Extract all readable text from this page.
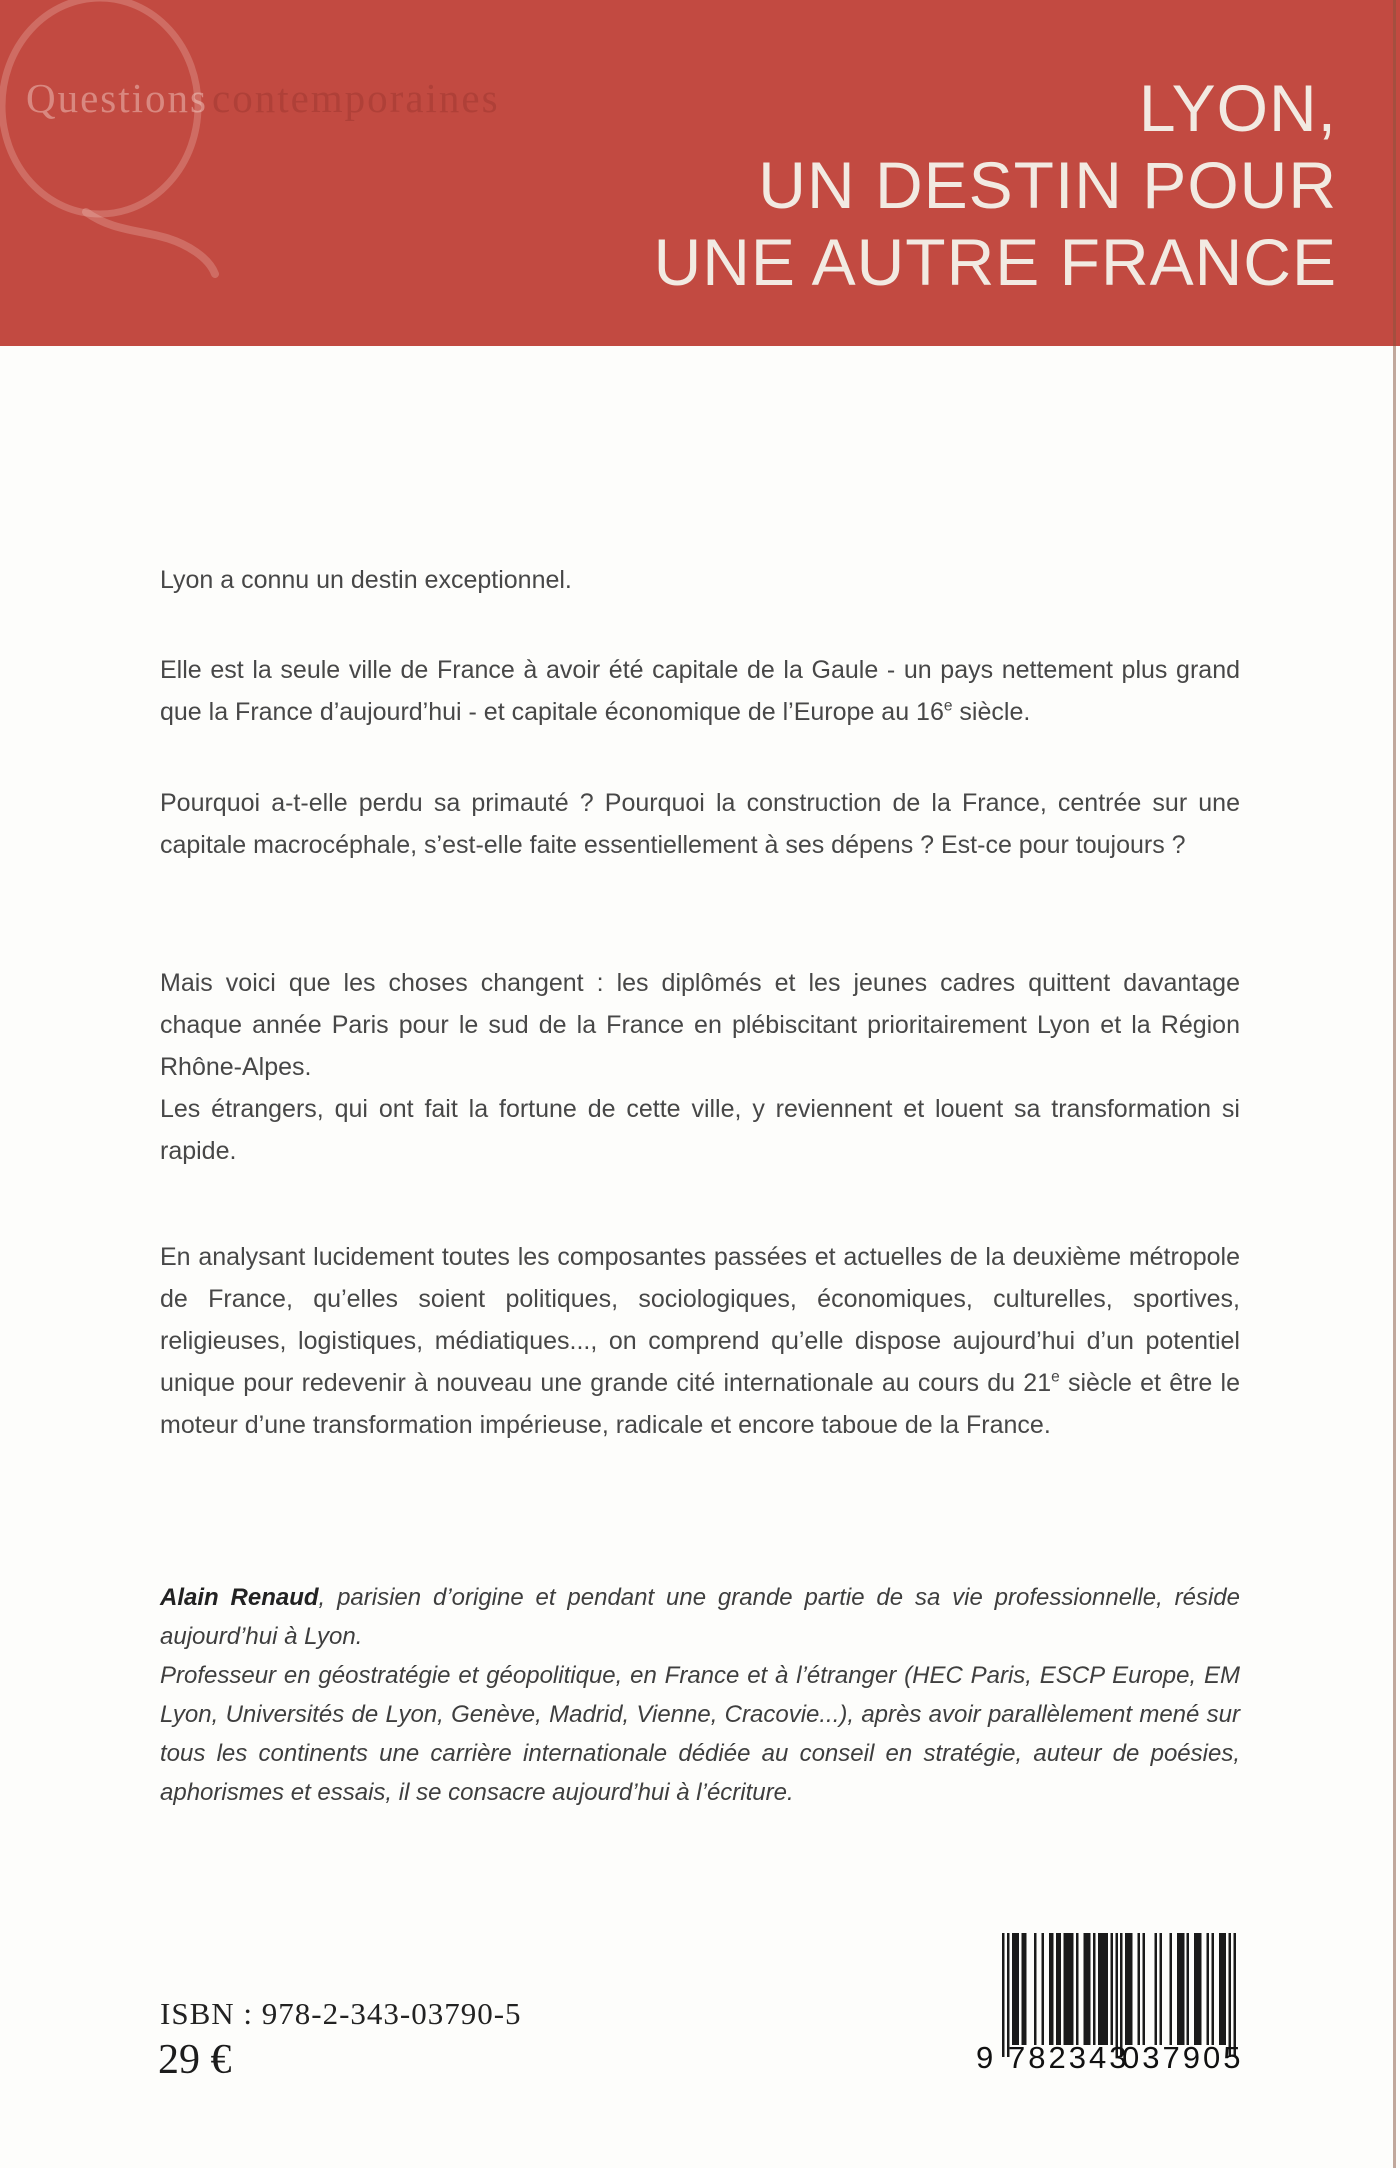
Questions contemporaines	LYON,
UN DESTIN POUR
UNE AUTRE FRANCE

Lyon a connu un destin exceptionnel.

Elle est la seule ville de France à avoir été capitale de la Gaule - un pays nettement plus grand que la France d’aujourd’hui - et capitale économique de l’Europe au 16e siècle.

Pourquoi a-t-elle perdu sa primauté ? Pourquoi la construction de la France, centrée sur une capitale macrocéphale, s’est-elle faite essentiellement à ses dépens ? Est-ce pour toujours ?

Mais voici que les choses changent : les diplômés et les jeunes cadres quittent davantage chaque année Paris pour le sud de la France en plébiscitant prioritairement Lyon et la Région Rhône-Alpes.

Les étrangers, qui ont fait la fortune de cette ville, y reviennent et louent sa transformation si rapide.

En analysant lucidement toutes les composantes passées et actuelles de la deuxième métropole de France, qu’elles soient politiques, sociologiques, économiques, culturelles, sportives, religieuses, logistiques, médiatiques..., on comprend qu’elle dispose aujourd’hui d’un potentiel unique pour redevenir à nouveau une grande cité internationale au cours du 21e siècle et être le moteur d’une transformation impérieuse, radicale et encore taboue de la France.

Alain Renaud, parisien d’origine et pendant une grande partie de sa vie professionnelle, réside aujourd’hui à Lyon.

Professeur en géostratégie et géopolitique, en France et à l’étranger (HEC Paris, ESCP Europe, EM Lyon, Universités de Lyon, Genève, Madrid, Vienne, Cracovie...), après avoir parallèlement mené sur tous les continents une carrière internationale dédiée au conseil en stratégie, auteur de poésies, aphorismes et essais, il se consacre aujourd’hui à l’écriture.

ISBN : 978-2-343-03790-5
29 €	9 782343
037905
